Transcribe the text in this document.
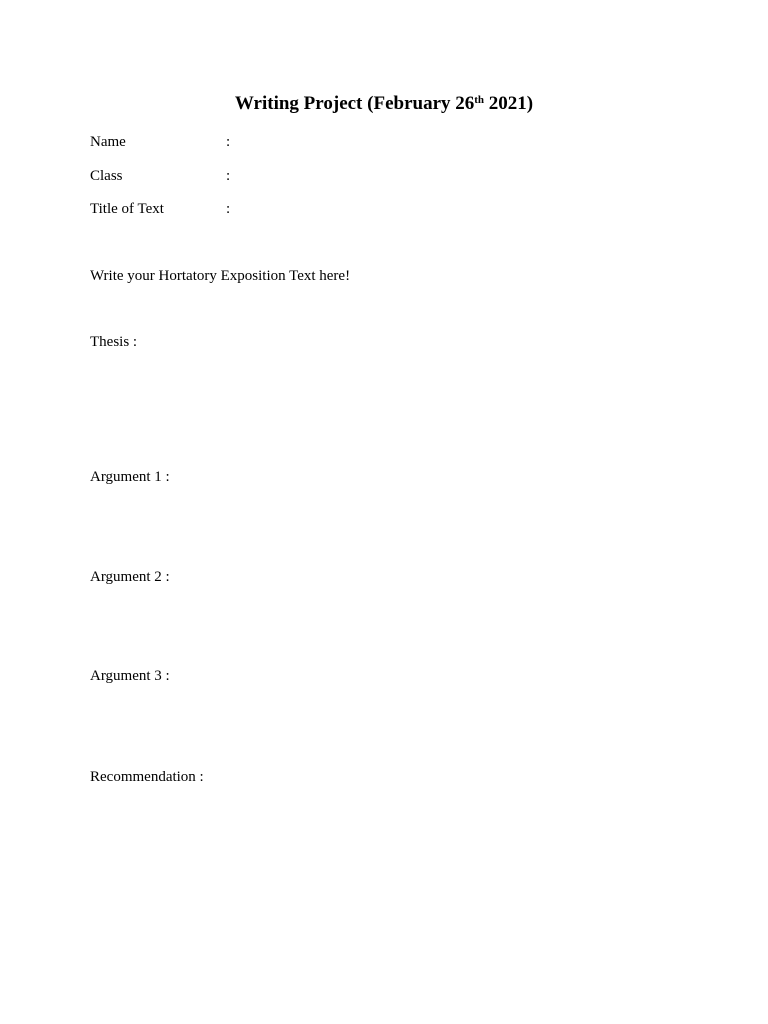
Writing Project (February 26th 2021)
Name	:
Class	:
Title of Text	:
Write your Hortatory Exposition Text here!
Thesis :
Argument 1 :
Argument 2 :
Argument 3 :
Recommendation :
